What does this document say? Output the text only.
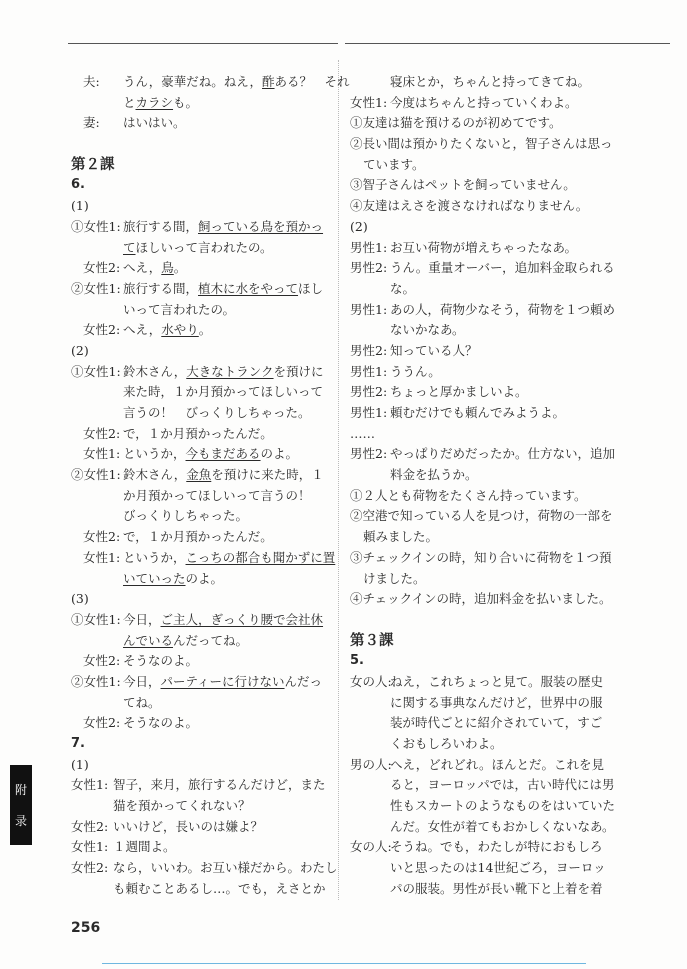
夫: うん，豪華だね。ねえ，酢ある？　それ
とカラシも。
妻: はいはい。
第２課
6.
(1)
①女性1: 旅行する間，飼っている鳥を預かっ
てほしいって言われたの。
女性2: へえ，鳥。
②女性1: 旅行する間，植木に水をやってほし
いって言われたの。
女性2: へえ，水やり。
(2)
①女性1: 鈴木さん，大きなトランクを預けに
来た時，１か月預かってほしいって
言うの！　びっくりしちゃった。
女性2: で，１か月預かったんだ。
女性1: というか，今もまだあるのよ。
②女性1: 鈴木さん，金魚を預けに来た時，１
か月預かってほしいって言うの！
びっくりしちゃった。
女性2: で，１か月預かったんだ。
女性1: というか，こっちの都合も聞かずに置
いていったのよ。
(3)
①女性1: 今日，ご主人，ぎっくり腰で会社休
んでいるんだってね。
女性2: そうなのよ。
②女性1: 今日，パーティーに行けないんだっ
てね。
女性2: そうなのよ。
7.
(1)
女性1: 智子，来月，旅行するんだけど，また
猫を預かってくれない？
女性2: いいけど，長いのは嫌よ？
女性1: １週間よ。
女性2: なら，いいわ。お互い様だから。わたし
も頼むことあるし…。でも，えさとか
寝床とか，ちゃんと持ってきてね。
女性1: 今度はちゃんと持っていくわよ。
①友達は猫を預けるのが初めてです。
②長い間は預かりたくないと，智子さんは思っ
ています。
③智子さんはペットを飼っていません。
④友達はえさを渡さなければなりません。
(2)
男性1: お互い荷物が増えちゃったなあ。
男性2: うん。重量オーバー，追加料金取られる
な。
男性1: あの人，荷物少なそう，荷物を１つ頼め
ないかなあ。
男性2: 知っている人？
男性1: ううん。
男性2: ちょっと厚かましいよ。
男性1: 頼むだけでも頼んでみようよ。
……
男性2: やっぱりだめだったか。仕方ない，追加
料金を払うか。
①２人とも荷物をたくさん持っています。
②空港で知っている人を見つけ，荷物の一部を
頼みました。
③チェックインの時，知り合いに荷物を１つ預
けました。
④チェックインの時，追加料金を払いました。
第３課
5.
女の人:ねえ，これちょっと見て。服装の歴史
に関する事典なんだけど，世界中の服
装が時代ごとに紹介されていて，すご
くおもしろいわよ。
男の人:へえ，どれどれ。ほんとだ。これを見
ると，ヨーロッパでは，古い時代には男
性もスカートのようなものをはいていた
んだ。女性が着てもおかしくないなあ。
女の人:そうね。でも，わたしが特におもしろ
いと思ったのは14世紀ごろ，ヨーロッ
パの服装。男性が長い靴下と上着を着
附
录
256
